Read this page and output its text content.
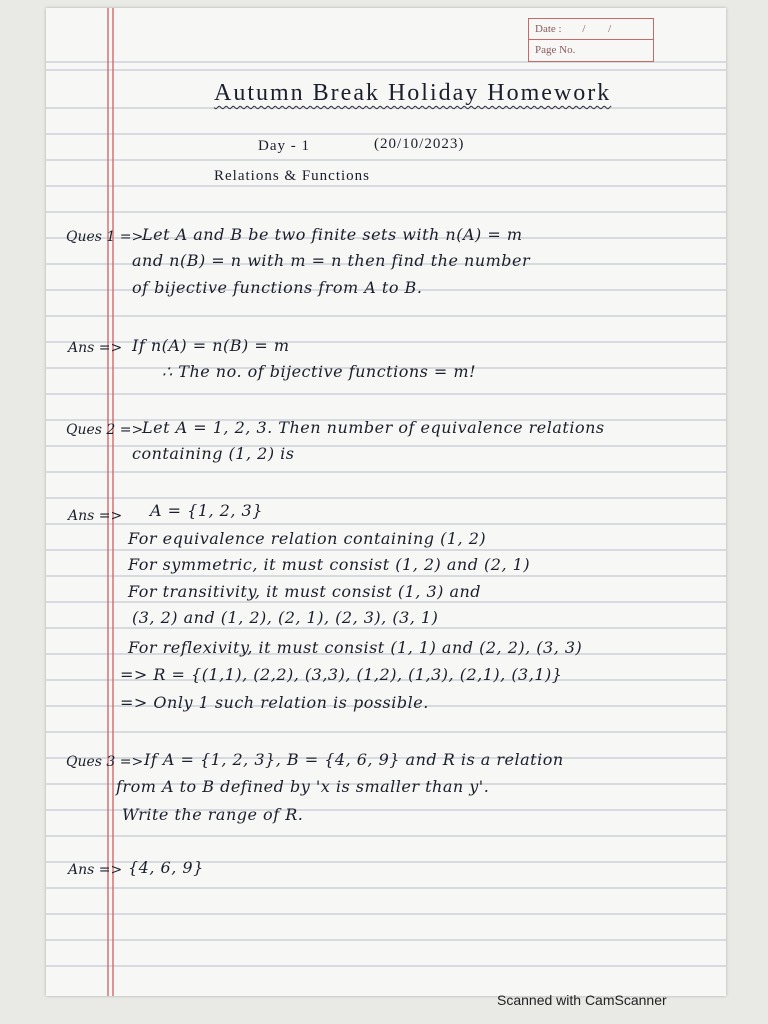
Date : / /
Page No.
Autumn Break Holiday Homework
Day - 1	(20/10/2023)
Relations & Functions
Ques 1 =>
Let A and B be two finite sets with n(A) = m
and n(B) = n with m = n then find the number
of bijective functions from A to B.
Ans => If n(A) = n(B) = m
∴ The no. of bijective functions = m!
Ques 2 =>
Let A = 1, 2, 3. Then number of equivalence relations
containing (1, 2) is
Ans => A = {1, 2, 3}
For equivalence relation containing (1, 2)
For symmetric, it must consist (1, 2) and (2, 1)
For transitivity, it must consist (1, 3) and
(3, 2) and (1, 2), (2, 1), (2, 3), (3, 1)
For reflexivity, it must consist (1, 1) and (2, 2), (3, 3)
=> R = {(1,1), (2,2), (3,3), (1,2), (1,3), (2,1), (3,1)}
=> Only 1 such relation is possible.
Ques 3 => If A = {1, 2, 3}, B = {4, 6, 9} and R is a relation
from A to B defined by 'x is smaller than y'.
Write the range of R.
Ans => {4, 6, 9}
Scanned with CamScanner
